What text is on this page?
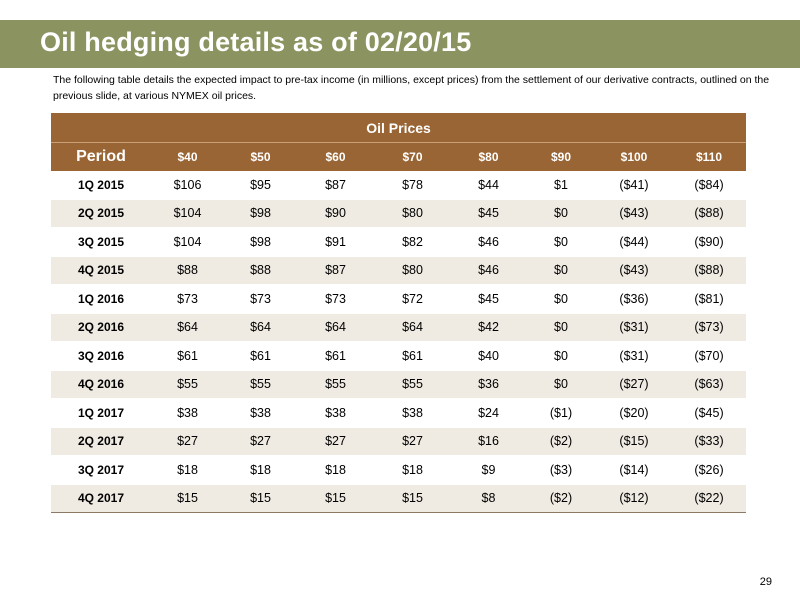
Oil hedging details as of 02/20/15
The following table details the expected impact to pre-tax income (in millions, except prices) from the settlement of our derivative contracts, outlined on the previous slide, at various NYMEX oil prices.
Oil Prices								
Period	$40	$50	$60	$70	$80	$90	$100	$110
1Q 2015	$106	$95	$87	$78	$44	$1	($41)	($84)
2Q 2015	$104	$98	$90	$80	$45	$0	($43)	($88)
3Q 2015	$104	$98	$91	$82	$46	$0	($44)	($90)
4Q 2015	$88	$88	$87	$80	$46	$0	($43)	($88)
1Q 2016	$73	$73	$73	$72	$45	$0	($36)	($81)
2Q 2016	$64	$64	$64	$64	$42	$0	($31)	($73)
3Q 2016	$61	$61	$61	$61	$40	$0	($31)	($70)
4Q 2016	$55	$55	$55	$55	$36	$0	($27)	($63)
1Q 2017	$38	$38	$38	$38	$24	($1)	($20)	($45)
2Q 2017	$27	$27	$27	$27	$16	($2)	($15)	($33)
3Q 2017	$18	$18	$18	$18	$9	($3)	($14)	($26)
4Q 2017	$15	$15	$15	$15	$8	($2)	($12)	($22)
29
